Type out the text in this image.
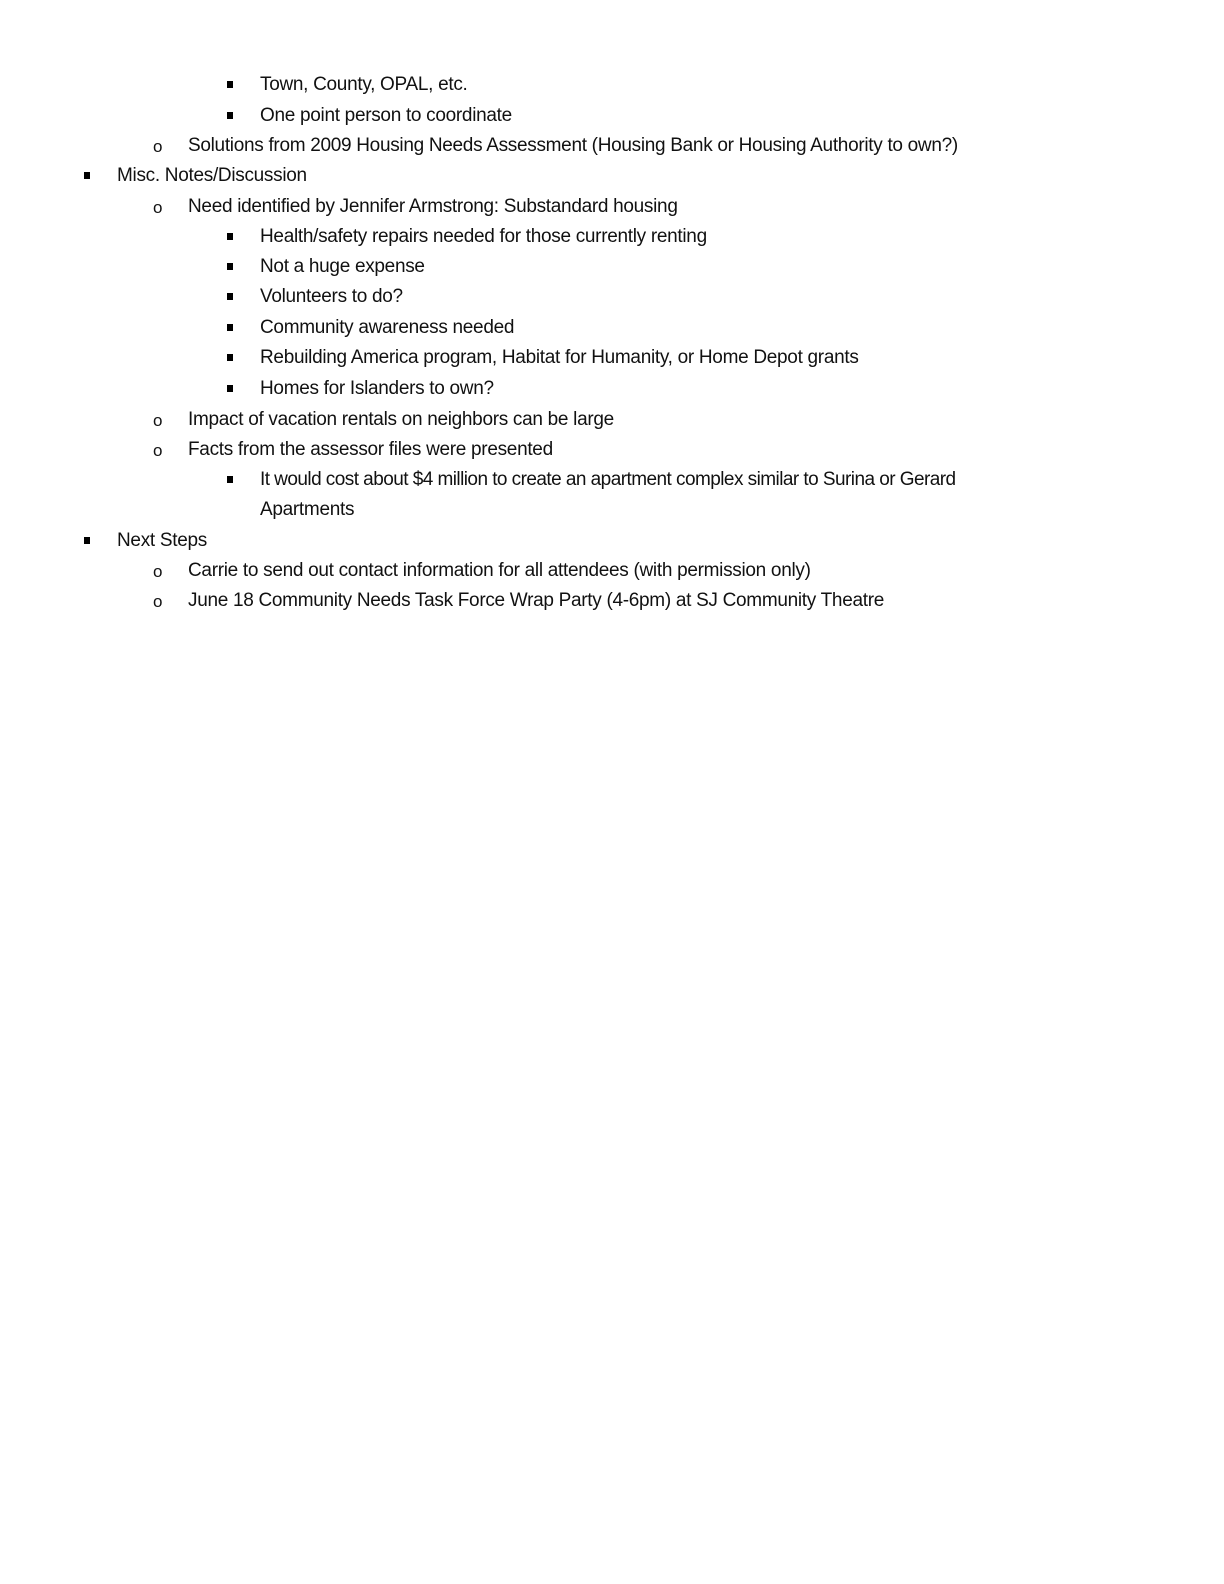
Town, County, OPAL, etc.
One point person to coordinate
o Solutions from 2009 Housing Needs Assessment (Housing Bank or Housing Authority to own?)
Misc. Notes/Discussion
o Need identified by Jennifer Armstrong: Substandard housing
Health/safety repairs needed for those currently renting
Not a huge expense
Volunteers to do?
Community awareness needed
Rebuilding America program, Habitat for Humanity, or Home Depot grants
Homes for Islanders to own?
o Impact of vacation rentals on neighbors can be large
o Facts from the assessor files were presented
It would cost about $4 million to create an apartment complex similar to Surina or Gerard
Apartments
Next Steps
o Carrie to send out contact information for all attendees (with permission only)
o June 18 Community Needs Task Force Wrap Party (4-6pm) at SJ Community Theatre
